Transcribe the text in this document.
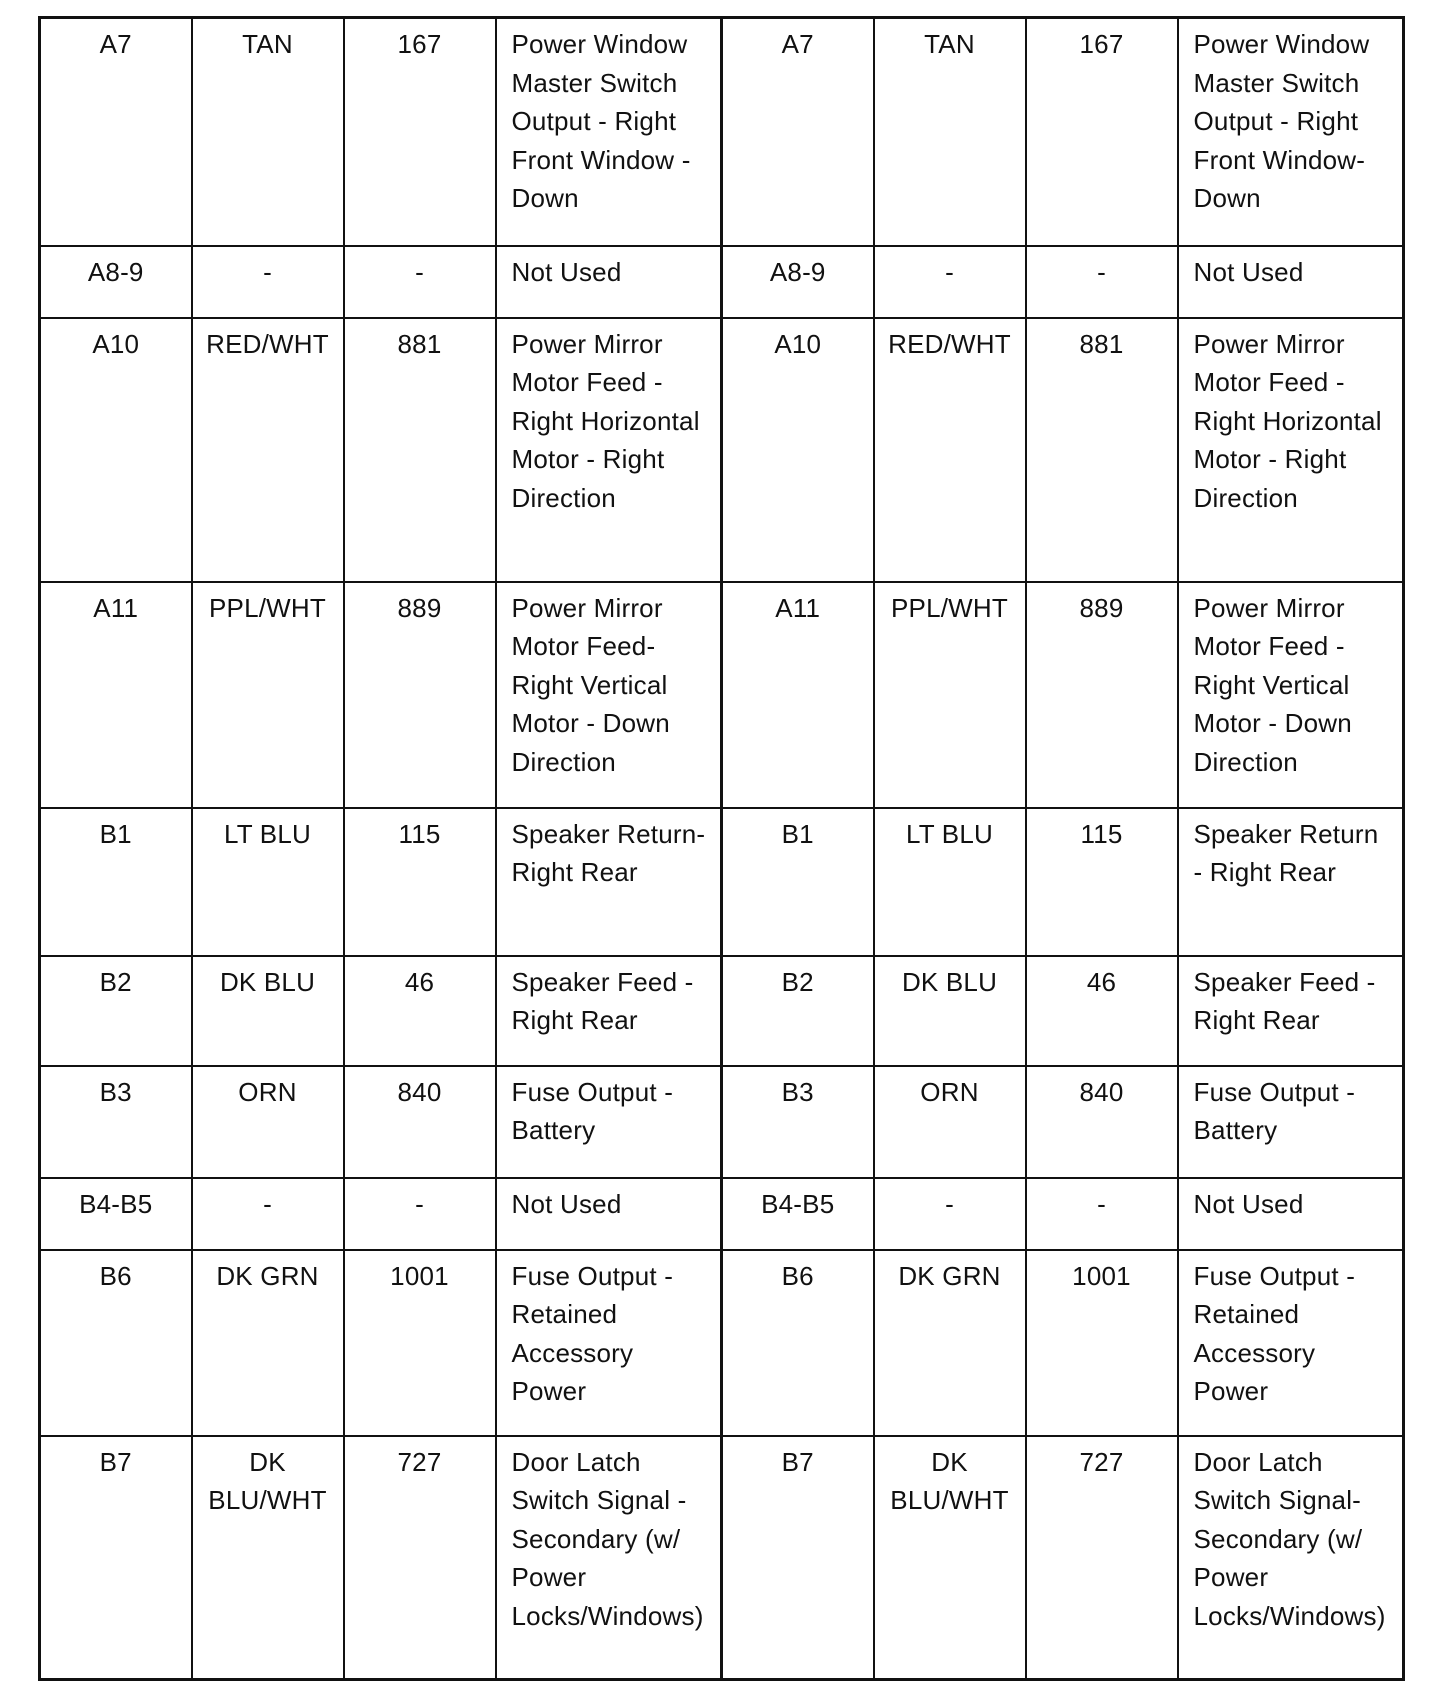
A7	TAN	167	Power Window Master Switch Output - Right Front Window - Down	A7	TAN	167	Power Window Master Switch Output - Right Front Window- Down
A8-9	-	-	Not Used	A8-9	-	-	Not Used
A10	RED/WHT	881	Power Mirror Motor Feed - Right Horizontal Motor - Right Direction	A10	RED/WHT	881	Power Mirror Motor Feed - Right Horizontal Motor - Right Direction
A11	PPL/WHT	889	Power Mirror Motor Feed- Right Vertical Motor - Down Direction	A11	PPL/WHT	889	Power Mirror Motor Feed - Right Vertical Motor - Down Direction
B1	LT BLU	115	Speaker Return- Right Rear	B1	LT BLU	115	Speaker Return - Right Rear
B2	DK BLU	46	Speaker Feed - Right Rear	B2	DK BLU	46	Speaker Feed - Right Rear
B3	ORN	840	Fuse Output - Battery	B3	ORN	840	Fuse Output - Battery
B4-B5	-	-	Not Used	B4-B5	-	-	Not Used
B6	DK GRN	1001	Fuse Output - Retained Accessory Power	B6	DK GRN	1001	Fuse Output - Retained Accessory Power
B7	DK BLU/WHT	727	Door Latch Switch Signal - Secondary (w/ Power Locks/Windows)	B7	DK BLU/WHT	727	Door Latch Switch Signal- Secondary (w/ Power Locks/Windows)
